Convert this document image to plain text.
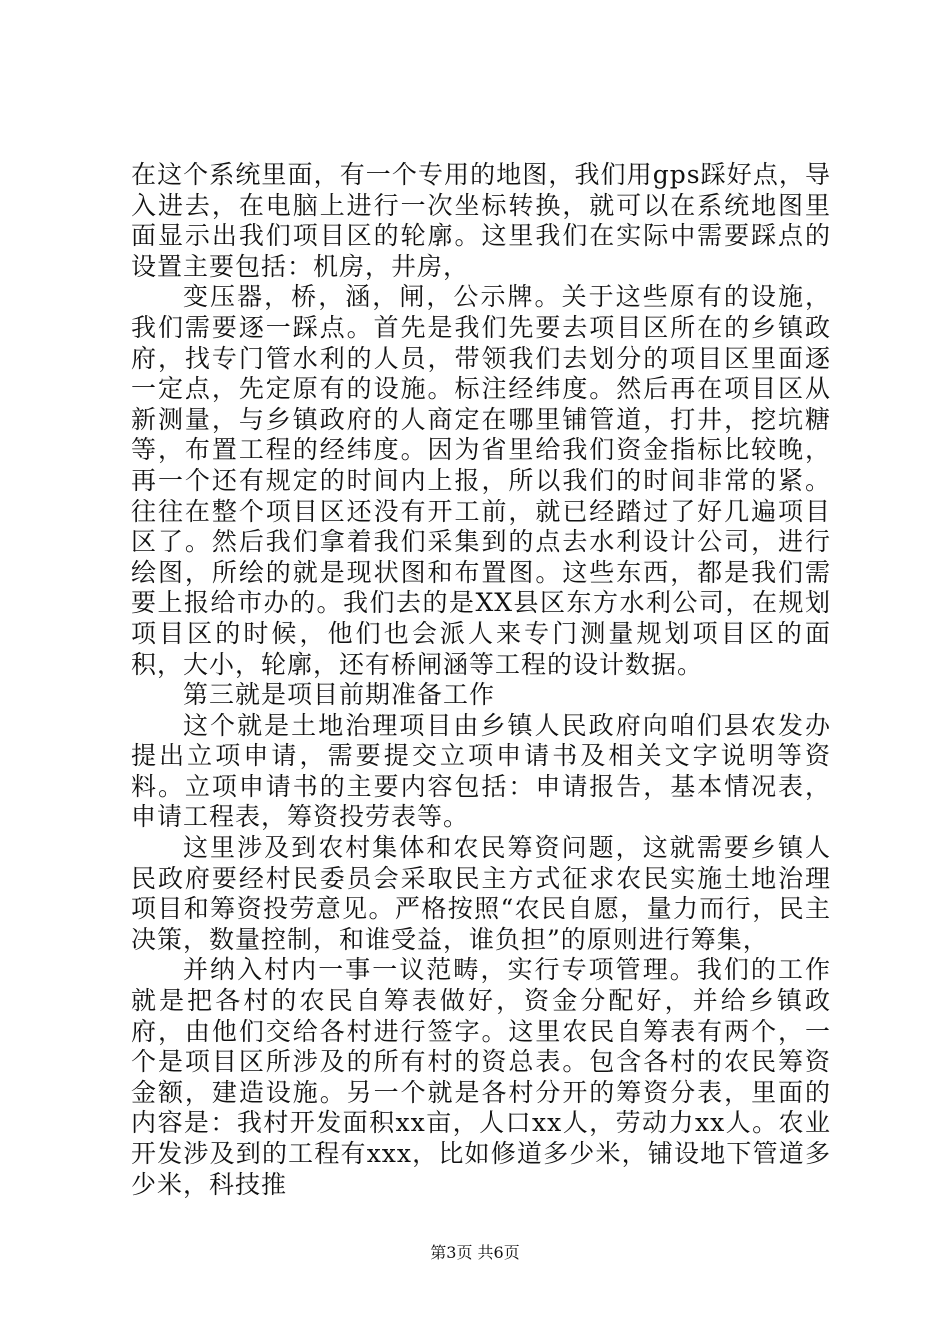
在这个系统里面，有一个专用的地图，我们用gps踩好点，导入进去，在电脑上进行一次坐标转换，就可以在系统地图里面显示出我们项目区的轮廓。这里我们在实际中需要踩点的设置主要包括：机房，井房，

变压器，桥，涵，闸，公示牌。关于这些原有的设施，我们需要逐一踩点。首先是我们先要去项目区所在的乡镇政府，找专门管水利的人员，带领我们去划分的项目区里面逐一定点，先定原有的设施。标注经纬度。然后再在项目区从新测量，与乡镇政府的人商定在哪里铺管道，打井，挖坑糖等，布置工程的经纬度。因为省里给我们资金指标比较晚，再一个还有规定的时间内上报，所以我们的时间非常的紧。往往在整个项目区还没有开工前，就已经踏过了好几遍项目区了。然后我们拿着我们采集到的点去水利设计公司，进行绘图，所绘的就是现状图和布置图。这些东西，都是我们需要上报给市办的。我们去的是XX县区东方水利公司，在规划项目区的时候，他们也会派人来专门测量规划项目区的面积，大小，轮廓，还有桥闸涵等工程的设计数据。

第三就是项目前期准备工作

这个就是土地治理项目由乡镇人民政府向咱们县农发办提出立项申请，需要提交立项申请书及相关文字说明等资料。立项申请书的主要内容包括：申请报告，基本情况表，申请工程表，筹资投劳表等。

这里涉及到农村集体和农民筹资问题，这就需要乡镇人民政府要经村民委员会采取民主方式征求农民实施土地治理项目和筹资投劳意见。严格按照“农民自愿，量力而行，民主决策，数量控制，和谁受益，谁负担”的原则进行筹集，

并纳入村内一事一议范畴，实行专项管理。我们的工作就是把各村的农民自筹表做好，资金分配好，并给乡镇政府，由他们交给各村进行签字。这里农民自筹表有两个，一个是项目区所涉及的所有村的资总表。包含各村的农民筹资金额，建造设施。另一个就是各村分开的筹资分表，里面的内容是：我村开发面积xx亩，人口xx人，劳动力xx人。农业开发涉及到的工程有xxx，比如修道多少米，铺设地下管道多少米，科技推

第3页 共6页
